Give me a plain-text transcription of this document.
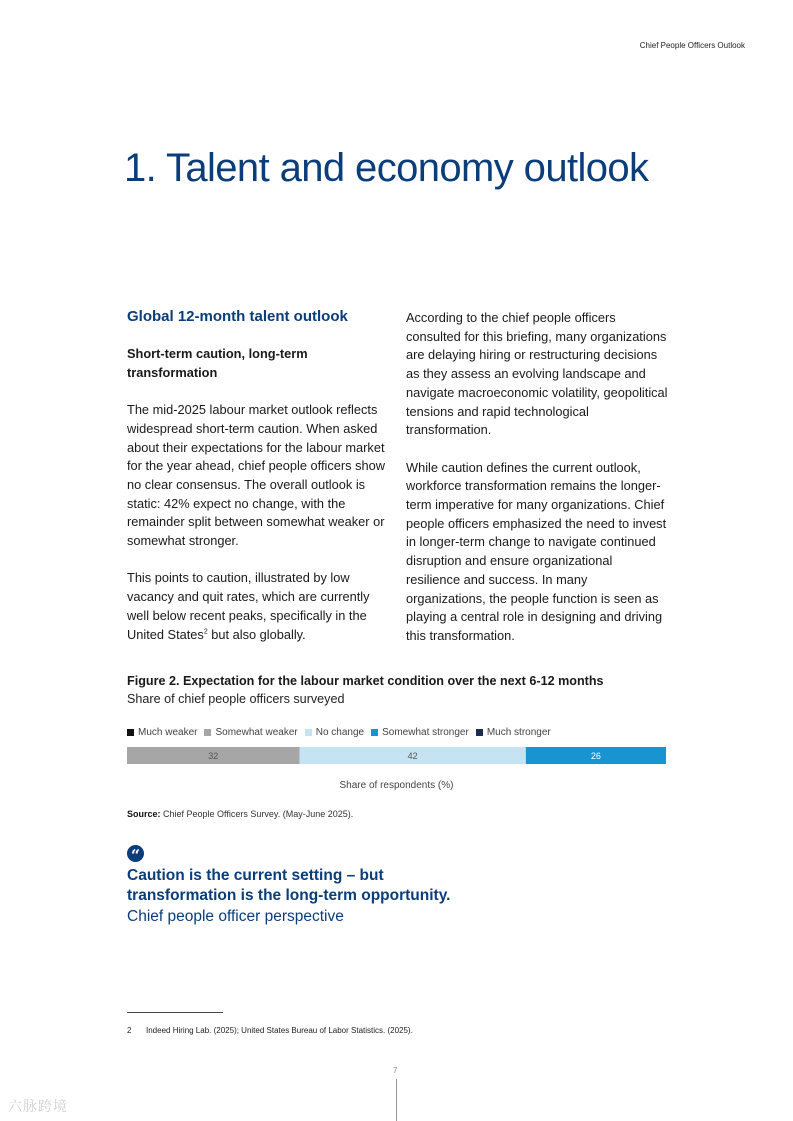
Chief People Officers Outlook
1. Talent and economy outlook
Global 12-month talent outlook
Short-term caution, long-term transformation

The mid-2025 labour market outlook reflects widespread short-term caution. When asked about their expectations for the labour market for the year ahead, chief people officers show no clear consensus. The overall outlook is static: 42% expect no change, with the remainder split between somewhat weaker or somewhat stronger.

This points to caution, illustrated by low vacancy and quit rates, which are currently well below recent peaks, specifically in the United States$^2$ but also globally.

According to the chief people officers consulted for this briefing, many organizations are delaying hiring or restructuring decisions as they assess an evolving landscape and navigate macroeconomic volatility, geopolitical tensions and rapid technological transformation.

While caution defines the current outlook, workforce transformation remains the longer-term imperative for many organizations. Chief people officers emphasized the need to invest in longer-term change to navigate continued disruption and ensure organizational resilience and success. In many organizations, the people function is seen as playing a central role in designing and driving this transformation.

Figure 2. Expectation for the labour market condition over the next 6-12 months

Share of chief people officers surveyed

Much weaker Somewhat weaker No change Somewhat stronger Much stronger
32	42	26
Share of respondents (%)
Source: Chief People Officers Survey. (May-June 2025).
“

Caution is the current setting – but transformation is the long-term opportunity.

Chief people officer perspective

2 Indeed Hiring Lab. (2025); United States Bureau of Labor Statistics. (2025).
7
六脉跨境
